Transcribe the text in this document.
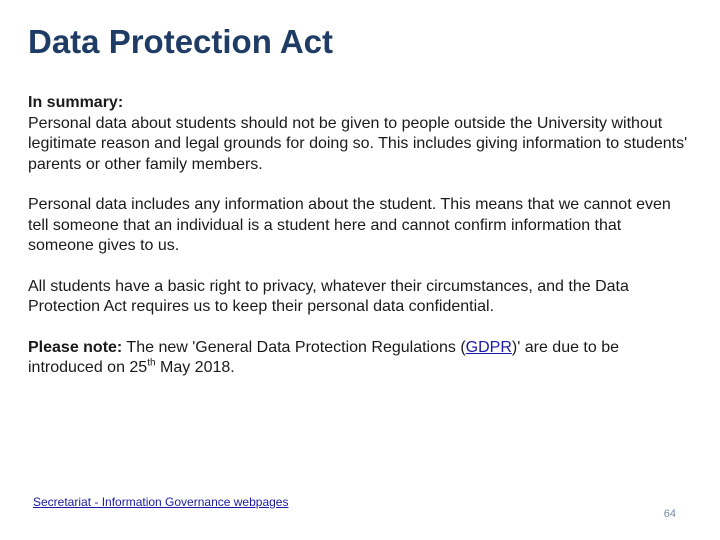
Data Protection Act

In summary:
Personal data about students should not be given to people outside the University without legitimate reason and legal grounds for doing so. This includes giving information to students' parents or other family members.

Personal data includes any information about the student. This means that we cannot even tell someone that an individual is a student here and cannot confirm information that someone gives to us.

All students have a basic right to privacy, whatever their circumstances, and the Data Protection Act requires us to keep their personal data confidential.

Please note: The new 'General Data Protection Regulations (GDPR)' are due to be introduced on 25th May 2018.

Secretariat - Information Governance webpages
64
